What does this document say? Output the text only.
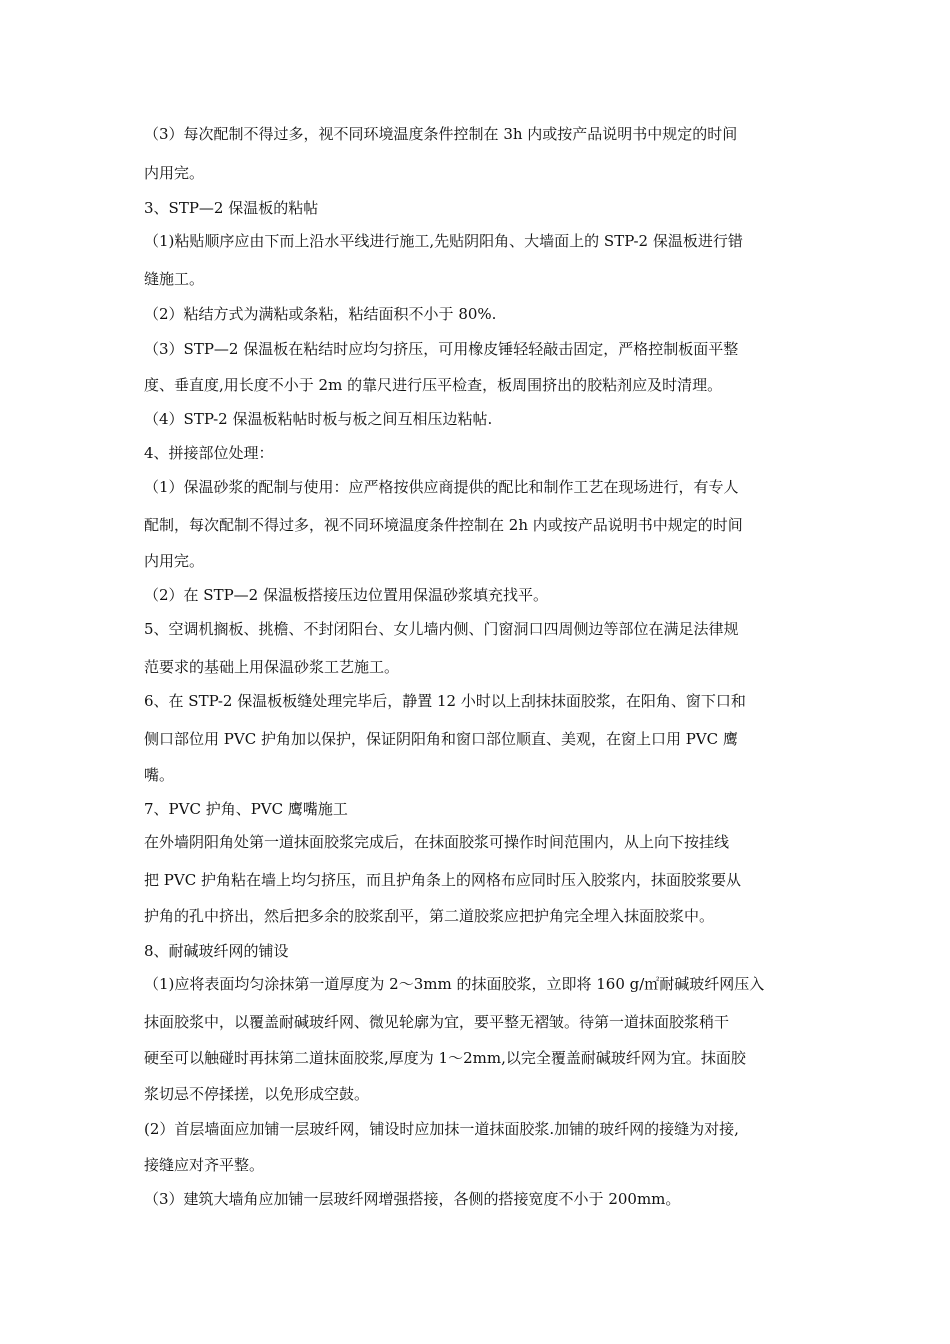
（3）每次配制不得过多，视不同环境温度条件控制在 3h 内或按产品说明书中规定的时间
内用完。
3、STP—2 保温板的粘帖
（1)粘贴顺序应由下而上沿水平线进行施工,先贴阴阳角、大墙面上的 STP-2 保温板进行错
缝施工。
（2）粘结方式为满粘或条粘，粘结面积不小于 80%.
（3）STP—2 保温板在粘结时应均匀挤压，可用橡皮锤轻轻敲击固定，严格控制板面平整
度、垂直度,用长度不小于 2m 的靠尺进行压平检查，板周围挤出的胶粘剂应及时清理。
（4）STP-2 保温板粘帖时板与板之间互相压边粘帖.
4、拼接部位处理：
（1）保温砂浆的配制与使用：应严格按供应商提供的配比和制作工艺在现场进行，有专人
配制，每次配制不得过多，视不同环境温度条件控制在 2h 内或按产品说明书中规定的时间
内用完。
（2）在 STP—2 保温板搭接压边位置用保温砂浆填充找平。
5、空调机搁板、挑檐、不封闭阳台、女儿墙内侧、门窗洞口四周侧边等部位在满足法律规
范要求的基础上用保温砂浆工艺施工。
6、在 STP-2 保温板板缝处理完毕后，静置 12 小时以上刮抹抹面胶浆，在阳角、窗下口和
侧口部位用 PVC 护角加以保护，保证阴阳角和窗口部位顺直、美观，在窗上口用 PVC 鹰
嘴。
7、PVC 护角、PVC 鹰嘴施工
在外墙阴阳角处第一道抹面胶浆完成后，在抹面胶浆可操作时间范围内，从上向下按挂线
把 PVC 护角粘在墙上均匀挤压，而且护角条上的网格布应同时压入胶浆内，抹面胶浆要从
护角的孔中挤出，然后把多余的胶浆刮平，第二道胶浆应把护角完全埋入抹面胶浆中。
8、耐碱玻纤网的铺设
（1)应将表面均匀涂抹第一道厚度为 2～3mm 的抹面胶浆，立即将 160 g/㎡耐碱玻纤网压入
抹面胶浆中，以覆盖耐碱玻纤网、微见轮廓为宜，要平整无褶皱。待第一道抹面胶浆稍干
硬至可以触碰时再抹第二道抹面胶浆,厚度为 1～2mm,以完全覆盖耐碱玻纤网为宜。抹面胶
浆切忌不停揉搓，以免形成空鼓。
(2）首层墙面应加铺一层玻纤网，铺设时应加抹一道抹面胶浆.加铺的玻纤网的接缝为对接,
接缝应对齐平整。
（3）建筑大墙角应加铺一层玻纤网增强搭接，各侧的搭接宽度不小于 200mm。
